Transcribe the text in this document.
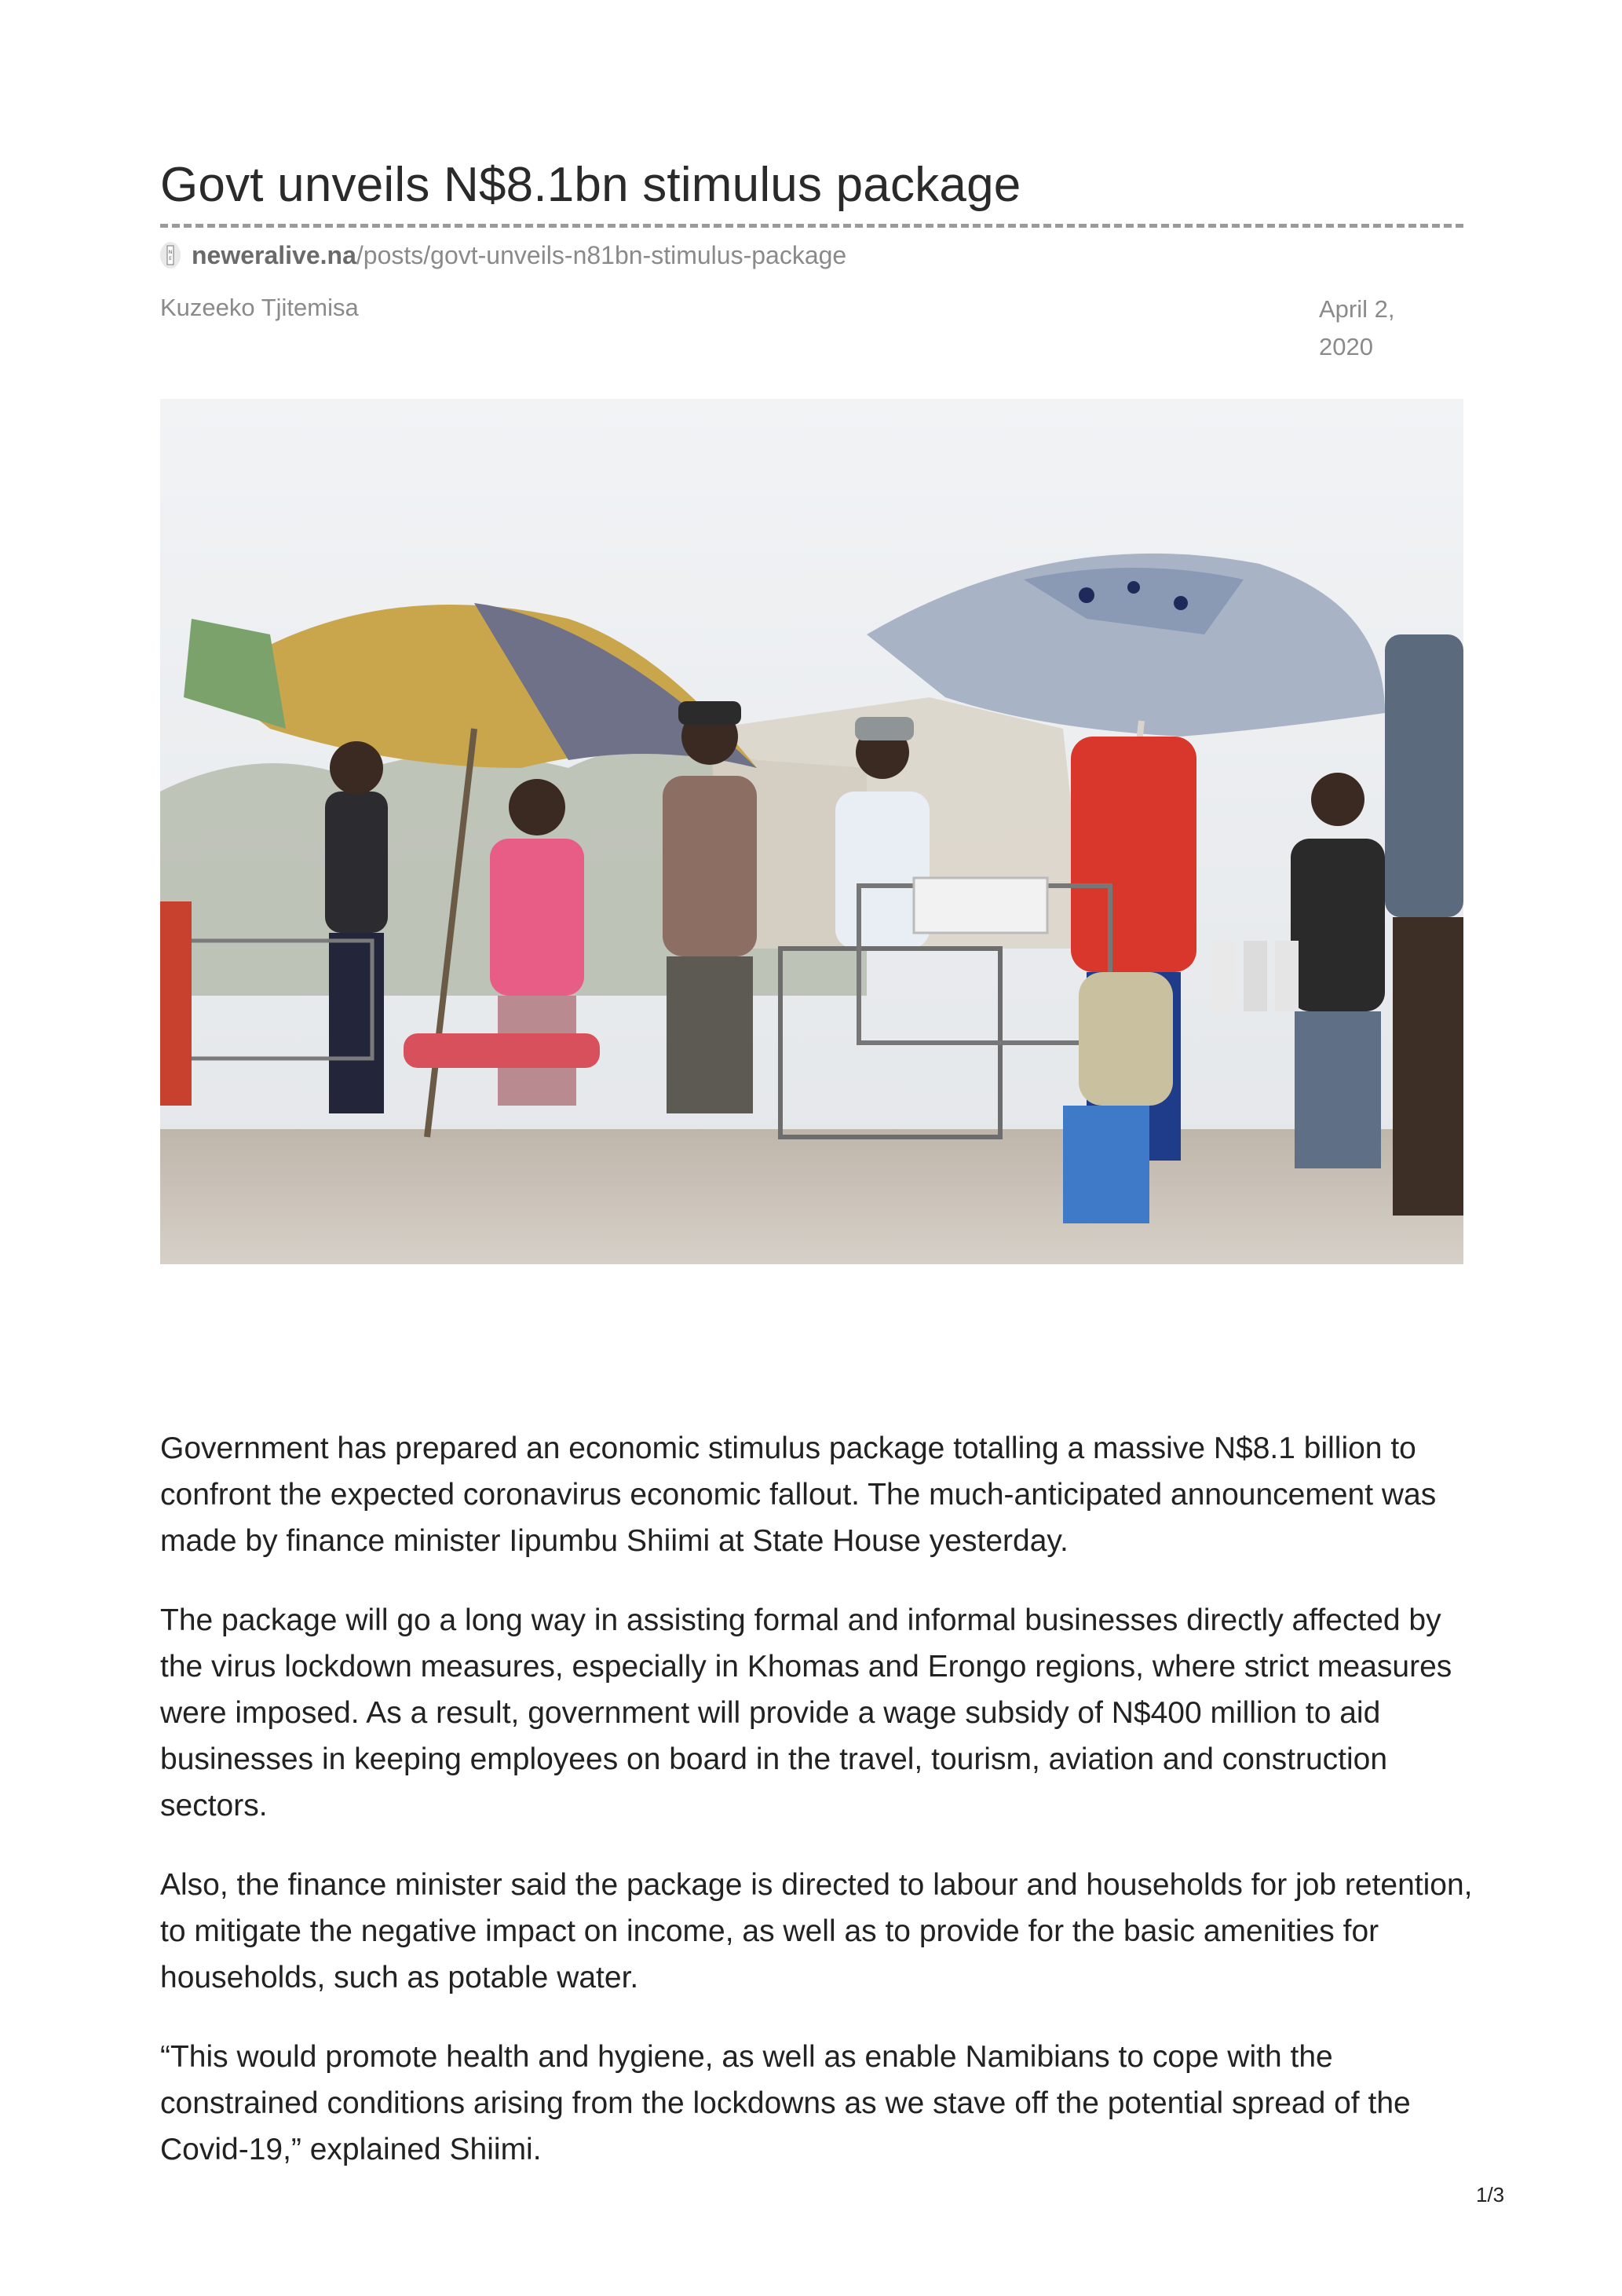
Govt unveils N$8.1bn stimulus package
N
E neweralive.na /posts/govt-unveils-n81bn-stimulus-package
Kuzeeko Tjitemisa	April 2,
2020

Government has prepared an economic stimulus package totalling a massive N$8.1 billion to confront the expected coronavirus economic fallout. The much-anticipated announcement was made by finance minister Iipumbu Shiimi at State House yesterday.

The package will go a long way in assisting formal and informal businesses directly affected by the virus lockdown measures, especially in Khomas and Erongo regions, where strict measures were imposed. As a result, government will provide a wage subsidy of N$400 million to aid businesses in keeping employees on board in the travel, tourism, aviation and construction sectors.

Also, the finance minister said the package is directed to labour and households for job retention, to mitigate the negative impact on income, as well as to provide for the basic amenities for households, such as potable water.

“This would promote health and hygiene, as well as enable Namibians to cope with the constrained conditions arising from the lockdowns as we stave off the potential spread of the Covid-19,” explained Shiimi.

1/3
